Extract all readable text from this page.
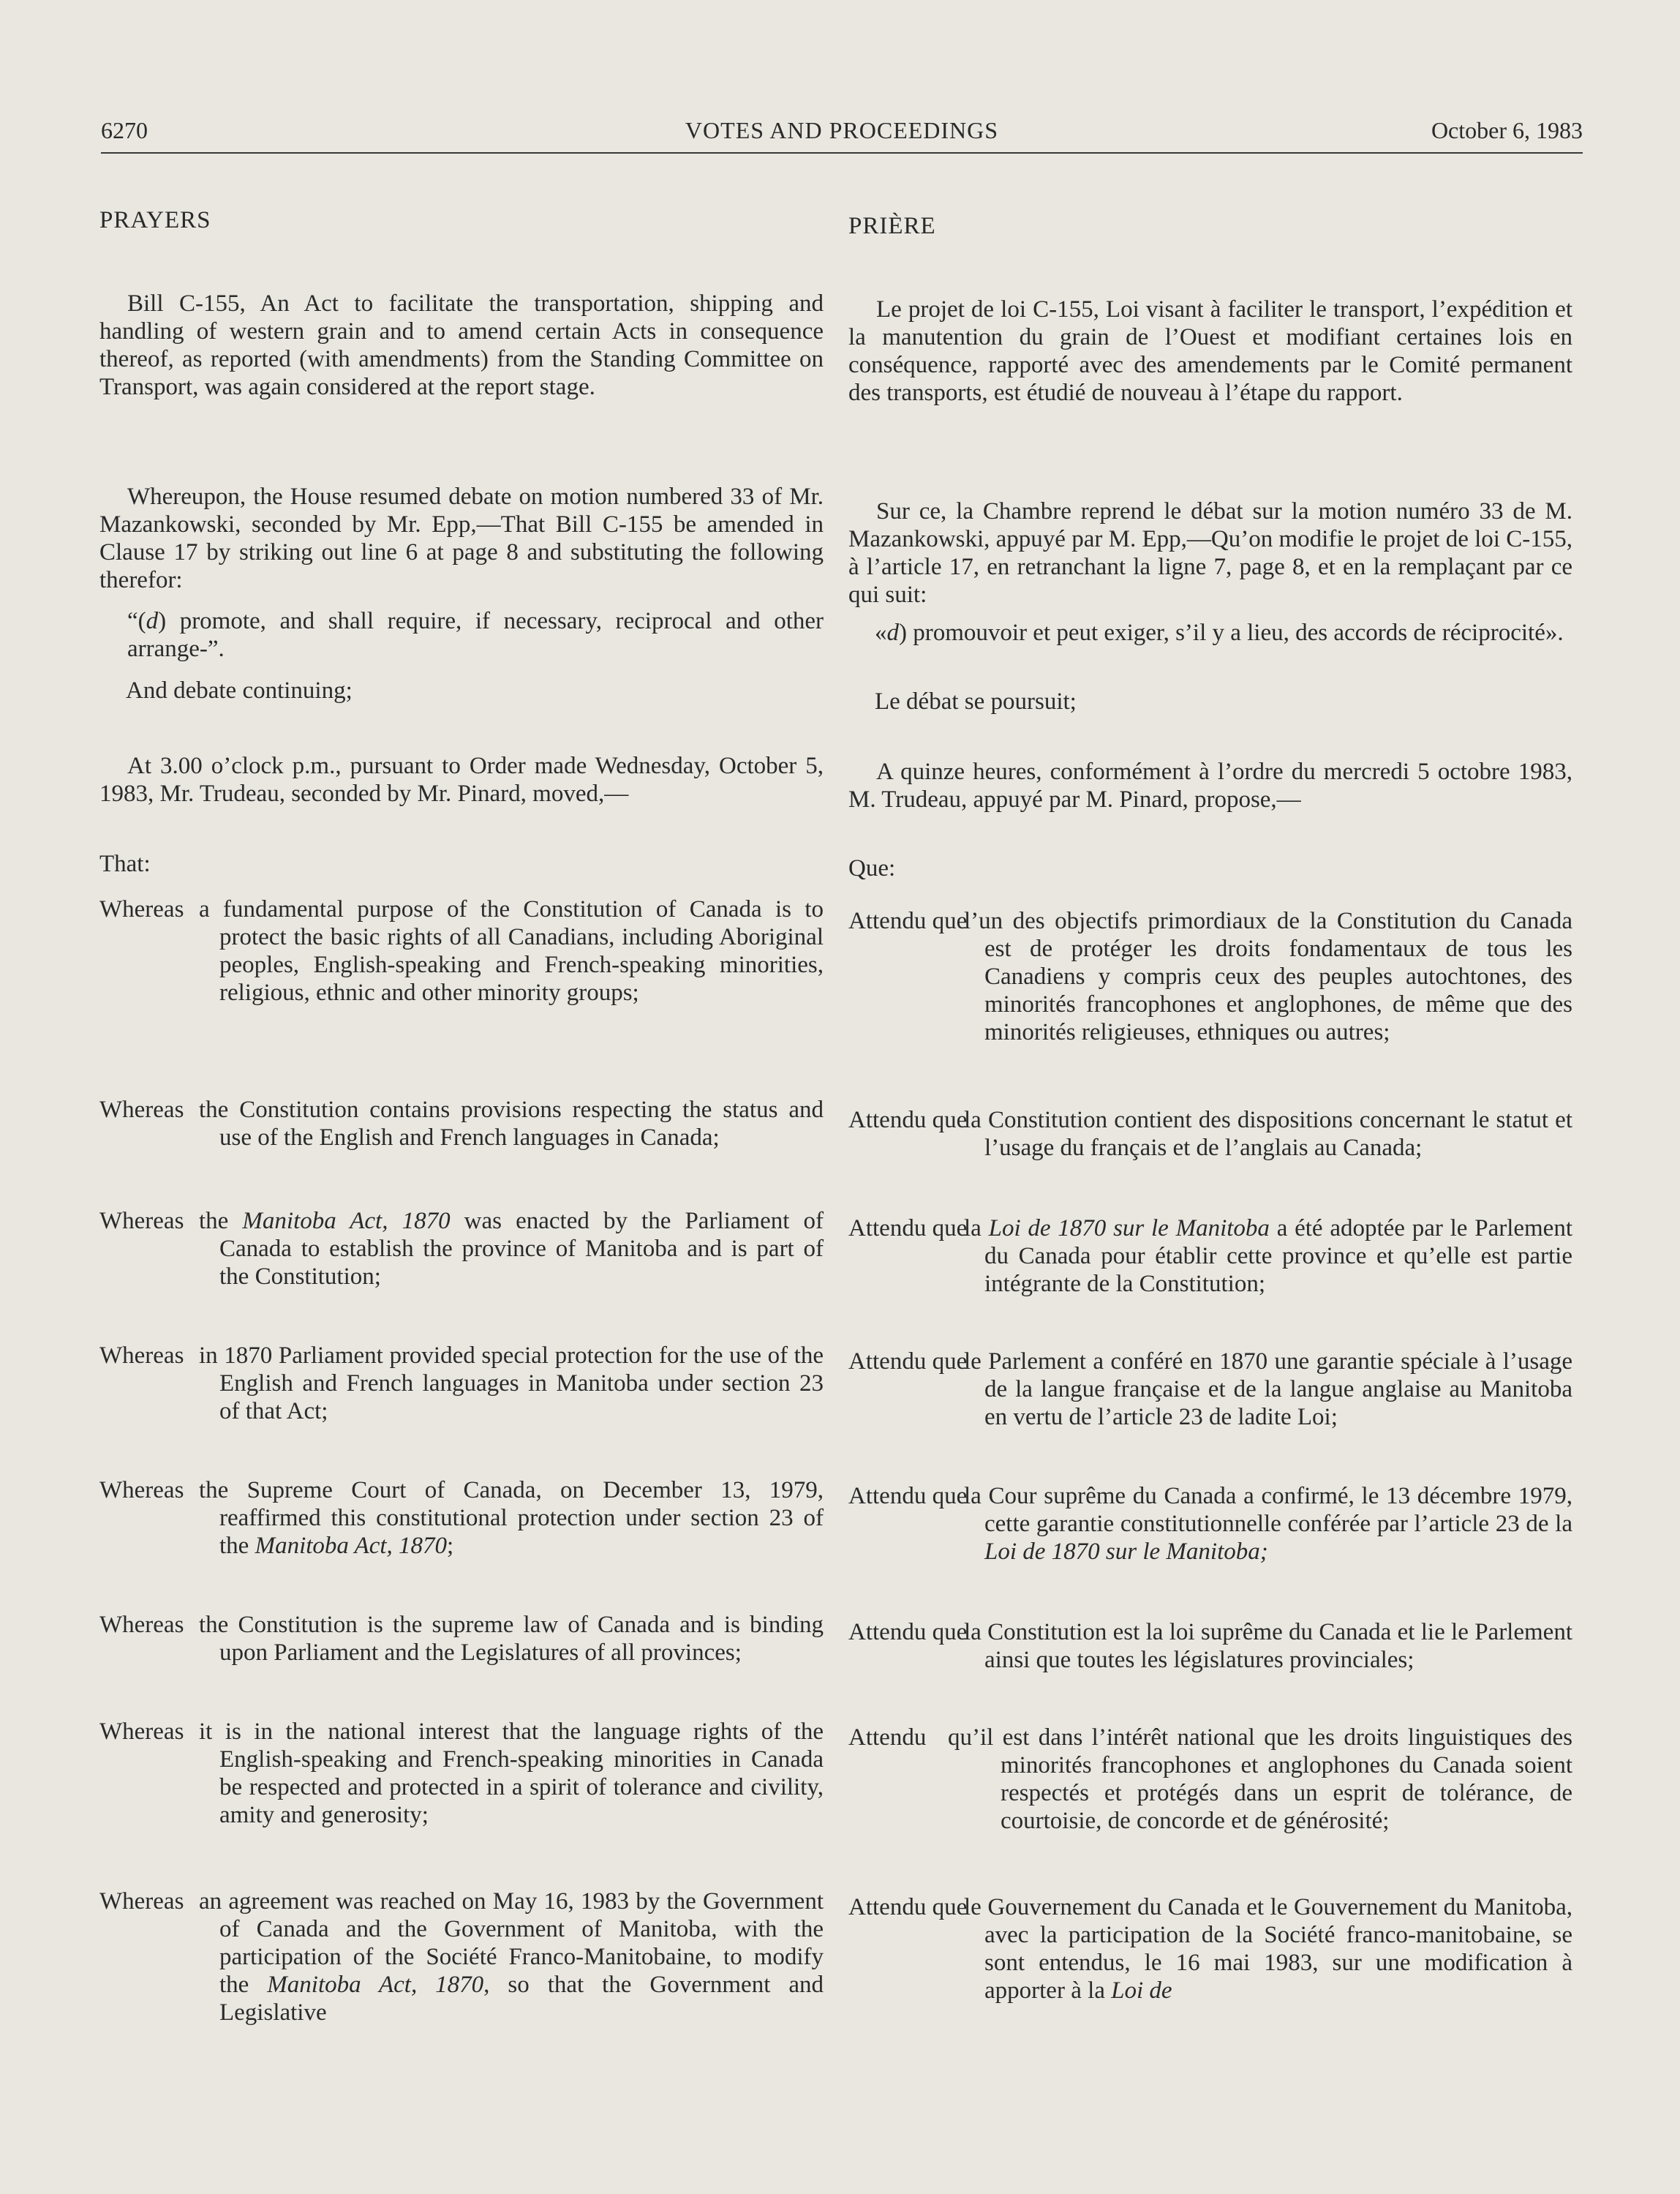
6270	VOTES AND PROCEEDINGS	October 6, 1983
PRAYERS
Bill C-155, An Act to facilitate the transportation, shipping and handling of western grain and to amend certain Acts in consequence thereof, as reported (with amendments) from the Standing Committee on Transport, was again considered at the report stage.
Whereupon, the House resumed debate on motion numbered 33 of Mr. Mazankowski, seconded by Mr. Epp,—That Bill C-155 be amended in Clause 17 by striking out line 6 at page 8 and substituting the following therefor:
“(d) promote, and shall require, if necessary, reciprocal and other arrange-”.
And debate continuing;
At 3.00 o’clock p.m., pursuant to Order made Wednesday, October 5, 1983, Mr. Trudeau, seconded by Mr. Pinard, moved,—
That:
Whereas a fundamental purpose of the Constitution of Canada is to protect the basic rights of all Canadians, including Aboriginal peoples, English-speaking and French-speaking minorities, religious, ethnic and other minority groups;
Whereas the Constitution contains provisions respecting the status and use of the English and French languages in Canada;
Whereas the Manitoba Act, 1870 was enacted by the Parliament of Canada to establish the province of Manitoba and is part of the Constitution;
Whereas in 1870 Parliament provided special protection for the use of the English and French languages in Manitoba under section 23 of that Act;
Whereas the Supreme Court of Canada, on December 13, 1979, reaffirmed this constitutional protection under section 23 of the Manitoba Act, 1870;
Whereas the Constitution is the supreme law of Canada and is binding upon Parliament and the Legislatures of all provinces;
Whereas it is in the national interest that the language rights of the English-speaking and French-speaking minorities in Canada be respected and protected in a spirit of tolerance and civility, amity and generosity;
Whereas an agreement was reached on May 16, 1983 by the Government of Canada and the Government of Manitoba, with the participation of the Société Franco-Manitobaine, to modify the Manitoba Act, 1870, so that the Government and Legislative
PRIÈRE
Le projet de loi C-155, Loi visant à faciliter le transport, l’expédition et la manutention du grain de l’Ouest et modifiant certaines lois en conséquence, rapporté avec des amendements par le Comité permanent des transports, est étudié de nouveau à l’étape du rapport.
Sur ce, la Chambre reprend le débat sur la motion numéro 33 de M. Mazankowski, appuyé par M. Epp,—Qu’on modifie le projet de loi C-155, à l’article 17, en retranchant la ligne 7, page 8, et en la remplaçant par ce qui suit:
«d) promouvoir et peut exiger, s’il y a lieu, des accords de réciprocité».
Le débat se poursuit;
A quinze heures, conformément à l’ordre du mercredi 5 octobre 1983, M. Trudeau, appuyé par M. Pinard, propose,—
Que:
Attendu que
l’un des objectifs primordiaux de la Constitution du Canada est de protéger les droits fondamentaux de tous les Canadiens y compris ceux des peuples autochtones, des minorités francophones et anglophones, de même que des minorités religieuses, ethniques ou autres;
Attendu que
la Constitution contient des dispositions concernant le statut et l’usage du français et de l’anglais au Canada;
Attendu que
la Loi de 1870 sur le Manitoba a été adoptée par le Parlement du Canada pour établir cette province et qu’elle est partie intégrante de la Constitution;
Attendu que
le Parlement a conféré en 1870 une garantie spéciale à l’usage de la langue française et de la langue anglaise au Manitoba en vertu de l’article 23 de ladite Loi;
Attendu que
la Cour suprême du Canada a confirmé, le 13 décembre 1979, cette garantie constitutionnelle conférée par l’article 23 de la Loi de 1870 sur le Manitoba;
Attendu que
la Constitution est la loi suprême du Canada et lie le Parlement ainsi que toutes les législatures provinciales;
Attendu qu’il est dans l’intérêt national que les droits linguistiques des minorités francophones et anglophones du Canada soient respectés et protégés dans un esprit de tolérance, de courtoisie, de concorde et de générosité;
Attendu que
le Gouvernement du Canada et le Gouvernement du Manitoba, avec la participation de la Société franco-manitobaine, se sont entendus, le 16 mai 1983, sur une modification à apporter à la Loi de
